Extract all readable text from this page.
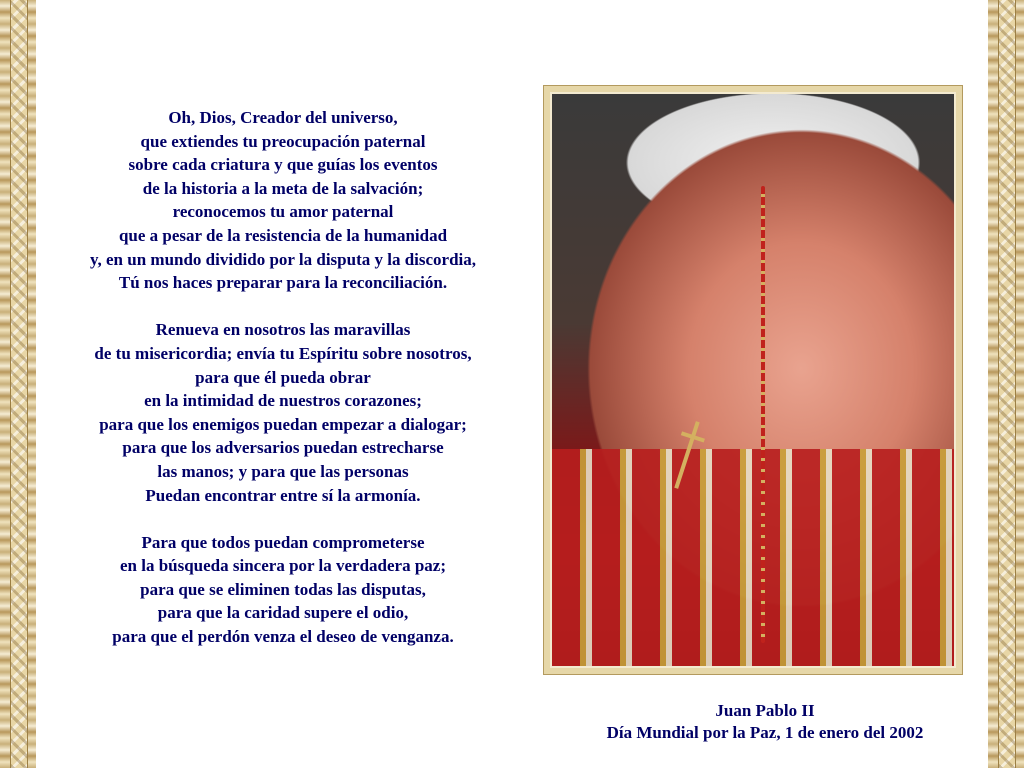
Oh, Dios, Creador del universo,
que extiendes tu preocupación paternal
sobre cada criatura y que guías los eventos
de la historia a la meta de la salvación;
reconocemos tu amor paternal
que a pesar de la resistencia de la humanidad
y, en un mundo dividido por la disputa y la discordia,
Tú nos haces preparar para la reconciliación.
Renueva en nosotros las maravillas
de tu misericordia; envía tu Espíritu sobre nosotros,
para que él pueda obrar
en la intimidad de nuestros corazones;
para que los enemigos puedan empezar a dialogar;
para que los adversarios puedan estrecharse
las manos; y para que las personas
Puedan encontrar entre sí la armonía.
Para que todos puedan comprometerse
en la búsqueda sincera por la verdadera paz;
para que se eliminen todas las disputas,
para que la caridad supere el odio,
para que el perdón venza el deseo de venganza.
Juan Pablo II
Día Mundial por la Paz, 1 de enero del 2002
